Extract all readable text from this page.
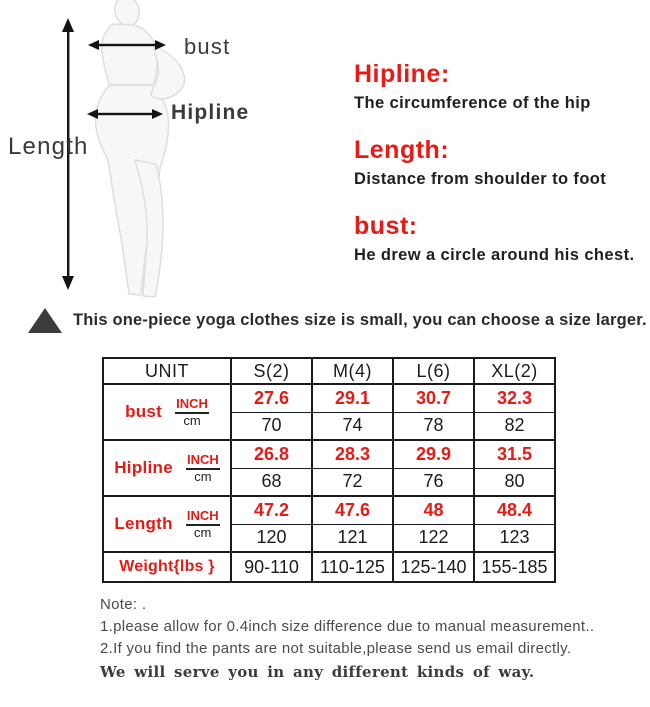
Length
bust
Hipline
Hipline:
The circumference of the hip
Length:
Distance from shoulder to foot
bust:
He drew a circle around his chest.
This one-piece yoga clothes size is small, you can choose a size larger.
UNIT	S(2)	M(4)	L(6)	XL(2)

bust $\frac{\text{INCH}}{cm}$	27.6	29.1	30.7	32.3
	70	74	78	82

Hipline $\frac{\text{INCH}}{cm}$	26.8	28.3	29.9	31.5
	68	72	76	80

Length $\frac{\text{INCH}}{cm}$	47.2	47.6	48	48.4
	120	121	122	123
Weight{lbs }	90-110	110-125	125-140	155-185
Note: .
1.please allow for 0.4inch size difference due to manual measurement..
2.If you find the pants are not suitable,please send us email directly.
We will serve you in any different kinds of way.
